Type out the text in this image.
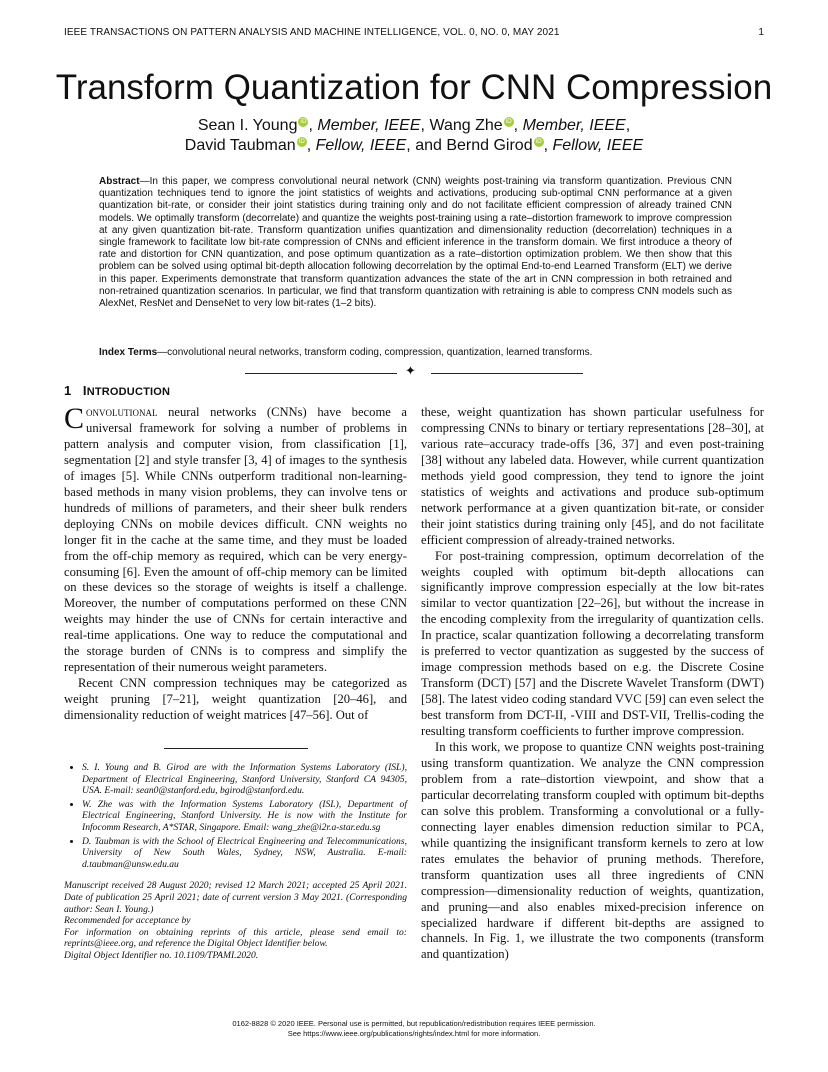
IEEE TRANSACTIONS ON PATTERN ANALYSIS AND MACHINE INTELLIGENCE, VOL. 0, NO. 0, MAY 2021	1
Transform Quantization for CNN Compression
Sean I. Young iD , Member, IEEE, Wang Zhe iD , Member, IEEE,
David Taubman iD , Fellow, IEEE, and Bernd Girod iD , Fellow, IEEE
Abstract—In this paper, we compress convolutional neural network (CNN) weights post-training via transform quantization. Previous CNN quantization techniques tend to ignore the joint statistics of weights and activations, producing sub-optimal CNN performance at a given quantization bit-rate, or consider their joint statistics during training only and do not facilitate efficient compression of already trained CNN models. We optimally transform (decorrelate) and quantize the weights post-training using a rate–distortion framework to improve compression at any given quantization bit-rate. Transform quantization unifies quantization and dimensionality reduction (decorrelation) techniques in a single framework to facilitate low bit-rate compression of CNNs and efficient inference in the transform domain. We first introduce a theory of rate and distortion for CNN quantization, and pose optimum quantization as a rate–distortion optimization problem. We then show that this problem can be solved using optimal bit-depth allocation following decorrelation by the optimal End-to-end Learned Transform (ELT) we derive in this paper. Experiments demonstrate that transform quantization advances the state of the art in CNN compression in both retrained and non-retrained quantization scenarios. In particular, we find that transform quantization with retraining is able to compress CNN models such as AlexNet, ResNet and DenseNet to very low bit-rates (1–2 bits).
Index Terms—convolutional neural networks, transform coding, compression, quantization, learned transforms.
✦
1 INTRODUCTION

Convolutional neural networks (CNNs) have become a universal framework for solving a number of problems in pattern analysis and computer vision, from classification [1], segmentation [2] and style transfer [3, 4] of images to the synthesis of images [5]. While CNNs outperform traditional non-learning-based methods in many vision problems, they can involve tens or hundreds of millions of parameters, and their sheer bulk renders deploying CNNs on mobile devices difficult. CNN weights no longer fit in the cache at the same time, and they must be loaded from the off-chip memory as required, which can be very energy-consuming [6]. Even the amount of off-chip memory can be limited on these devices so the storage of weights is itself a challenge. Moreover, the number of computations performed on these CNN weights may hinder the use of CNNs for certain interactive and real-time applications. One way to reduce the computational and the storage burden of CNNs is to compress and simplify the representation of their numerous weight parameters.

Recent CNN compression techniques may be categorized as weight pruning [7–21], weight quantization [20–46], and dimensionality reduction of weight matrices [47–56]. Out of

• S. I. Young and B. Girod are with the Information Systems Laboratory (ISL), Department of Electrical Engineering, Stanford University, Stanford CA 94305, USA. E-mail: sean0@stanford.edu, bgirod@stanford.edu.
• W. Zhe was with the Information Systems Laboratory (ISL), Department of Electrical Engineering, Stanford University. He is now with the Institute for Infocomm Research, A*STAR, Singapore. Email: wang_zhe@i2r.a-star.edu.sg
• D. Taubman is with the School of Electrical Engineering and Telecommunications, University of New South Wales, Sydney, NSW, Australia. E-mail: d.taubman@unsw.edu.au
Manuscript received 28 August 2020; revised 12 March 2021; accepted 25 April 2021. Date of publication 25 April 2021; date of current version 3 May 2021. (Corresponding author: Sean I. Young.)
Recommended for acceptance by
For information on obtaining reprints of this article, please send email to: reprints@ieee.org, and reference the Digital Object Identifier below.
Digital Object Identifier no. 10.1109/TPAMI.2020.

these, weight quantization has shown particular usefulness for compressing CNNs to binary or tertiary representations [28–30], at various rate–accuracy trade-offs [36, 37] and even post-training [38] without any labeled data. However, while current quantization methods yield good compression, they tend to ignore the joint statistics of weights and activations and produce sub-optimum network performance at a given quantization bit-rate, or consider their joint statistics during training only [45], and do not facilitate efficient compression of already-trained networks.

For post-training compression, optimum decorrelation of the weights coupled with optimum bit-depth allocations can significantly improve compression especially at the low bit-rates similar to vector quantization [22–26], but without the increase in the encoding complexity from the irregularity of quantization cells. In practice, scalar quantization following a decorrelating transform is preferred to vector quantization as suggested by the success of image compression methods based on e.g. the Discrete Cosine Transform (DCT) [57] and the Discrete Wavelet Transform (DWT) [58]. The latest video coding standard VVC [59] can even select the best transform from DCT-II, -VIII and DST-VII, Trellis-coding the resulting transform coefficients to further improve compression.

In this work, we propose to quantize CNN weights post-training using transform quantization. We analyze the CNN compression problem from a rate–distortion viewpoint, and show that a particular decorrelating transform coupled with optimum bit-depths can solve this problem. Transforming a convolutional or a fully-connecting layer enables dimension reduction similar to PCA, while quantizing the insignificant transform kernels to zero at low rates emulates the behavior of pruning methods. Therefore, transform quantization uses all three ingredients of CNN compression—dimensionality reduction of weights, quantization, and pruning—and also enables mixed-precision inference on specialized hardware if different bit-depths are assigned to channels. In Fig. 1, we illustrate the two components (transform and quantization)

0162-8828 © 2020 IEEE. Personal use is permitted, but republication/redistribution requires IEEE permission.
See https://www.ieee.org/publications/rights/index.html for more information.
